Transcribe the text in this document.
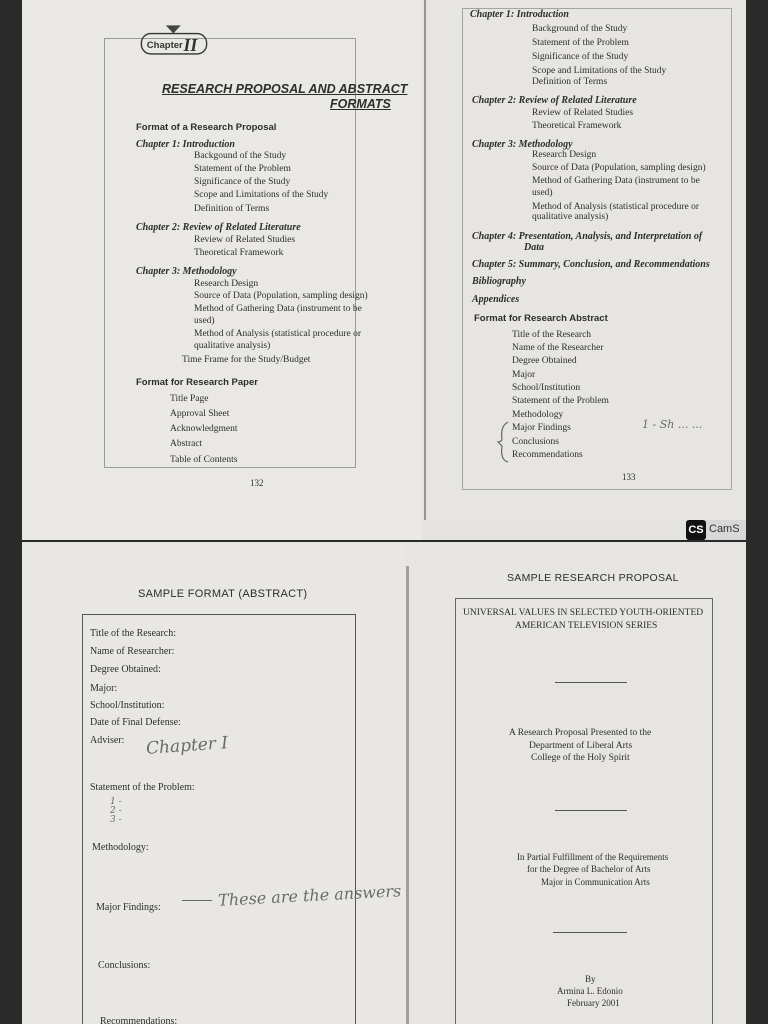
Chapter II
RESEARCH PROPOSAL AND ABSTRACT
FORMATS
Format of a Research Proposal
Chapter 1: Introduction
Backgound of the Study
Statement of the Problem
Significance of the Study
Scope and Limitations of the Study
Definition of Terms
Chapter 2: Review of Related Literature
Review of Related Studies
Theoretical Framework
Chapter 3: Methodology
Research Design
Source of Data (Population, sampling design)
Method of Gathering Data (instrument to be
used)
Method of Analysis (statistical procedure or
qualitative analysis)
Time Frame for the Study/Budget
Format for Research Paper
Title Page
Approval Sheet
Acknowledgment
Abstract
Table of Contents
132
Chapter 1: Introduction
Background of the Study
Statement of the Problem
Significance of the Study
Scope and Limitations of the Study
Definition of Terms
Chapter 2: Review of Related Literature
Review of Related Studies
Theoretical Framework
Chapter 3: Methodology
Research Design
Source of Data (Population, sampling design)
Method of Gathering Data (instrument to be
used)
Method of Analysis (statistical procedure or
qualitative analysis)
Chapter 4: Presentation, Analysis, and Interpretation of
Data
Chapter 5: Summary, Conclusion, and Recommendations
Bibliography
Appendices
Format for Research Abstract
Title of the Research
Name of the Researcher
Degree Obtained
Major
School/Institution
Statement of the Problem
Methodology
Major Findings
Conclusions
Recommendations
1 - Sh ... ...
133
CS CamS
SAMPLE FORMAT (ABSTRACT)
Title of the Research:
Name of Researcher:
Degree Obtained:
Major:
School/Institution:
Date of Final Defense:
Adviser: Chapter I
Statement of the Problem:
1 -
2 -
3 -
Methodology:
Major Findings:	These are the answers
Conclusions:
Recommendations:
SAMPLE RESEARCH PROPOSAL
UNIVERSAL VALUES IN SELECTED YOUTH-ORIENTED
AMERICAN TELEVISION SERIES
A Research Proposal Presented to the
Department of Liberal Arts
College of the Holy Spirit
In Partial Fulfillment of the Requirements
for the Degree of Bachelor of Arts
Major in Communication Arts
By
Armina L. Edonio
February 2001
